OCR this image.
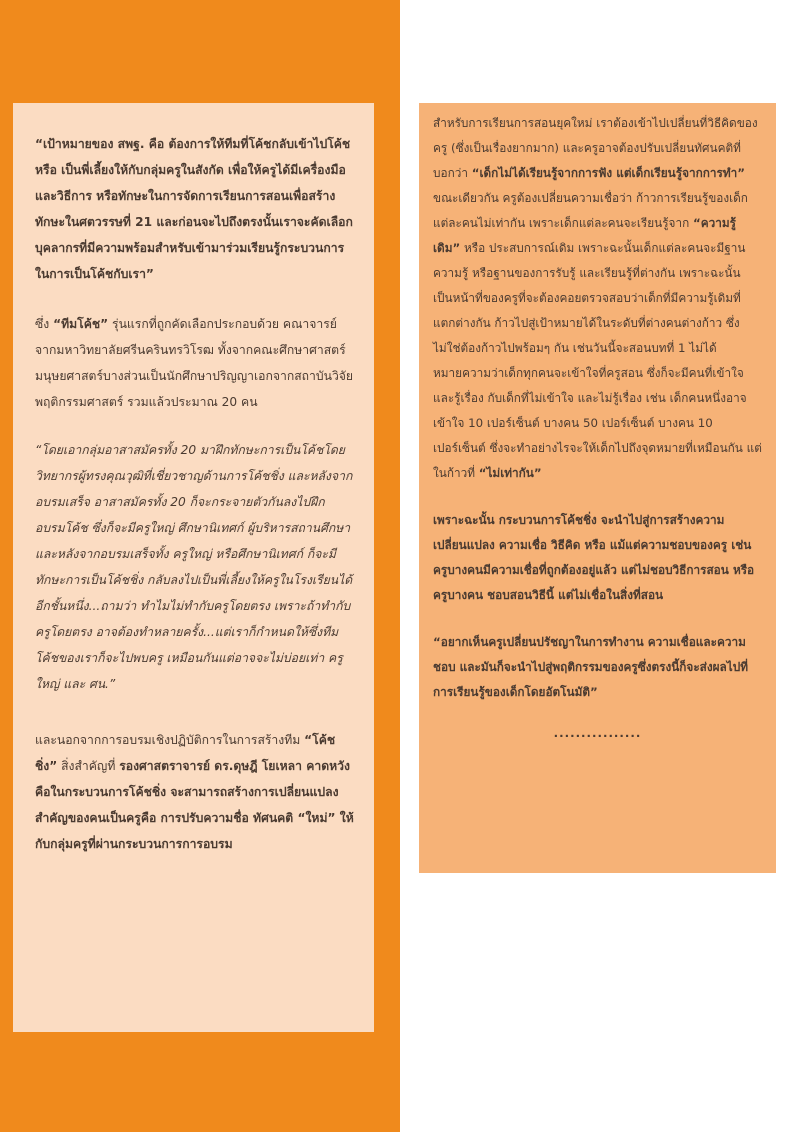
“เป้าหมายของ สพฐ. คือ ต้องการให้ทีมที่โค้ชกลับเข้าไปโค้ช หรือ เป็นพี่เลี้ยงให้กับกลุ่มครูในสังกัด เพื่อให้ครูได้มีเครื่องมือ และวิธีการ หรือทักษะในการจัดการเรียนการสอนเพื่อสร้างทักษะในศตวรรษที่ 21 และก่อนจะไปถึงตรงนั้นเราจะคัดเลือกบุคลากรที่มีความพร้อมสำหรับเข้ามาร่วมเรียนรู้กระบวนการในการเป็นโค้ชกับเรา”

ซึ่ง “ทีมโค้ช” รุ่นแรกที่ถูกคัดเลือกประกอบด้วย คณาจารย์จากมหาวิทยาลัยศรีนครินทรวิโรฒ ทั้งจากคณะศึกษาศาสตร์ มนุษยศาสตร์บางส่วนเป็นนักศึกษาปริญญาเอกจากสถาบันวิจัยพฤติกรรมศาสตร์ รวมแล้วประมาณ 20 คน

“โดยเอากลุ่มอาสาสมัครทั้ง 20 มาฝึกทักษะการเป็นโค้ชโดยวิทยากรผู้ทรงคุณวุฒิที่เชี่ยวชาญด้านการโค้ชชิ่ง และหลังจากอบรมเสร็จ อาสาสมัครทั้ง 20 ก็จะกระจายตัวกันลงไปฝึกอบรมโค้ช ซึ่งก็จะมีครูใหญ่ ศึกษานิเทศก์ ผู้บริหารสถานศึกษา และหลังจากอบรมเสร็จทั้ง ครูใหญ่ หรือศึกษานิเทศก์ ก็จะมีทักษะการเป็นโค้ชชิ่ง กลับลงไปเป็นพี่เลี้ยงให้ครูในโรงเรียนได้อีกชั้นหนึ่ง...ถามว่า ทำไมไม่ทำกับครูโดยตรง เพราะถ้าทำกับครูโดยตรง อาจต้องทำหลายครั้ง...แต่เราก็กำหนดให้ซึ่งทีมโค้ชของเราก็จะไปพบครู เหมือนกันแต่อาจจะไม่บ่อยเท่า ครูใหญ่ และ ศน.”

และนอกจากการอบรมเชิงปฏิบัติการในการสร้างทีม “โค้ชชิ่ง” สิ่งสำคัญที่ รองศาสตราจารย์ ดร.ดุษฎี โยเหลา คาดหวังคือในกระบวนการโค้ชชิ่ง จะสามารถสร้างการเปลี่ยนแปลงสำคัญของคนเป็นครูคือ การปรับความชื่อ ทัศนคติ “ใหม่” ให้กับกลุ่มครูที่ผ่านกระบวนการการอบรม

สำหรับการเรียนการสอนยุคใหม่ เราต้องเข้าไปเปลี่ยนที่วิธีคิดของครู (ซึ่งเป็นเรื่องยากมาก) และครูอาจต้องปรับเปลี่ยนทัศนคติที่บอกว่า “เด็กไม่ได้เรียนรู้จากการฟัง แต่เด็กเรียนรู้จากการทำ” ขณะเดียวกัน ครูต้องเปลี่ยนความเชื่อว่า ก้าวการเรียนรู้ของเด็กแต่ละคนไม่เท่ากัน เพราะเด็กแต่ละคนจะเรียนรู้จาก “ความรู้เดิม” หรือ ประสบการณ์เดิม เพราะฉะนั้นเด็กแต่ละคนจะมีฐาน ความรู้ หรือฐานของการรับรู้ และเรียนรู้ที่ต่างกัน เพราะฉะนั้น เป็นหน้าที่ของครูที่จะต้องคอยตรวจสอบว่าเด็กที่มีความรู้เดิมที่แตกต่างกัน ก้าวไปสู่เป้าหมายได้ในระดับที่ต่างคนต่างก้าว ซึ่งไม่ใช่ต้องก้าวไปพร้อมๆ กัน เช่นวันนี้จะสอนบทที่ 1 ไม่ได้หมายความว่าเด็กทุกคนจะเข้าใจที่ครูสอน ซึ่งก็จะมีคนที่เข้าใจ และรู้เรื่อง กับเด็กที่ไม่เข้าใจ และไม่รู้เรื่อง เช่น เด็กคนหนึ่งอาจเข้าใจ 10 เปอร์เซ็นต์ บางคน 50 เปอร์เซ็นต์ บางคน 10 เปอร์เซ็นต์ ซึ่งจะทำอย่างไรจะให้เด็กไปถึงจุดหมายที่เหมือนกัน แต่ในก้าวที่ “ไม่เท่ากัน”

เพราะฉะนั้น กระบวนการโค้ชชิ่ง จะนำไปสู่การสร้างความเปลี่ยนแปลง ความเชื่อ วิธีคิด หรือ แม้แต่ความชอบของครู เช่นครูบางคนมีความเชื่อที่ถูกต้องอยู่แล้ว แต่ไม่ชอบวิธีการสอน หรือ ครูบางคน ชอบสอนวิธีนี้ แต่ไม่เชื่อในสิ่งที่สอน

“อยากเห็นครูเปลี่ยนปรัชญาในการทำงาน ความเชื่อและความชอบ และมันก็จะนำไปสู่พฤติกรรมของครูซึ่งตรงนี้ก็จะส่งผลไปที่การเรียนรู้ของเด็กโดยอัตโนมัติ”

................
